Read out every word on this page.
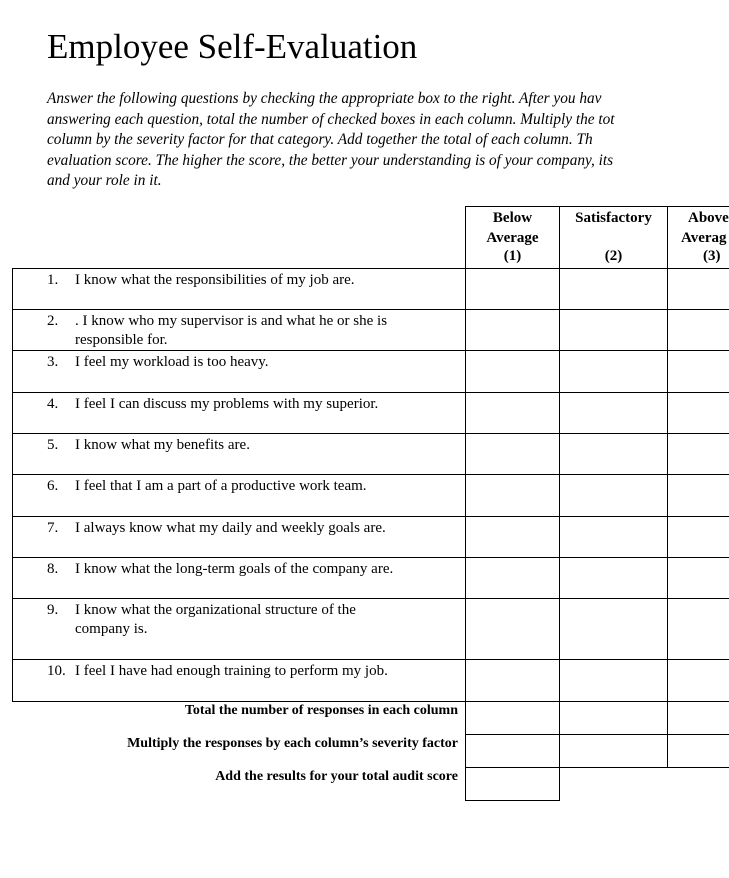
Employee Self-Evaluation
Answer the following questions by checking the appropriate box to the right. After you hav
answering each question, total the number of checked boxes in each column. Multiply the tot
column by the severity factor for that category. Add together the total of each column. Th
evaluation score. The higher the score, the better your understanding is of your company, its
and your role in it.
Below
Average
(1)
Satisfactory
(2)
Above
Averag
(3)
1. I know what the responsibilities of my job are.
2. . I know who my supervisor is and what he or she is responsible for.
3. I feel my workload is too heavy.
4. I feel I can discuss my problems with my superior.
5. I know what my benefits are.
6. I feel that I am a part of a productive work team.
7. I always know what my daily and weekly goals are.
8. I know what the long-term goals of the company are.
9. I know what the organizational structure of the company is.
10. I feel I have had enough training to perform my job.
Total the number of responses in each column
Multiply the responses by each column’s severity factor
Add the results for your total audit score
